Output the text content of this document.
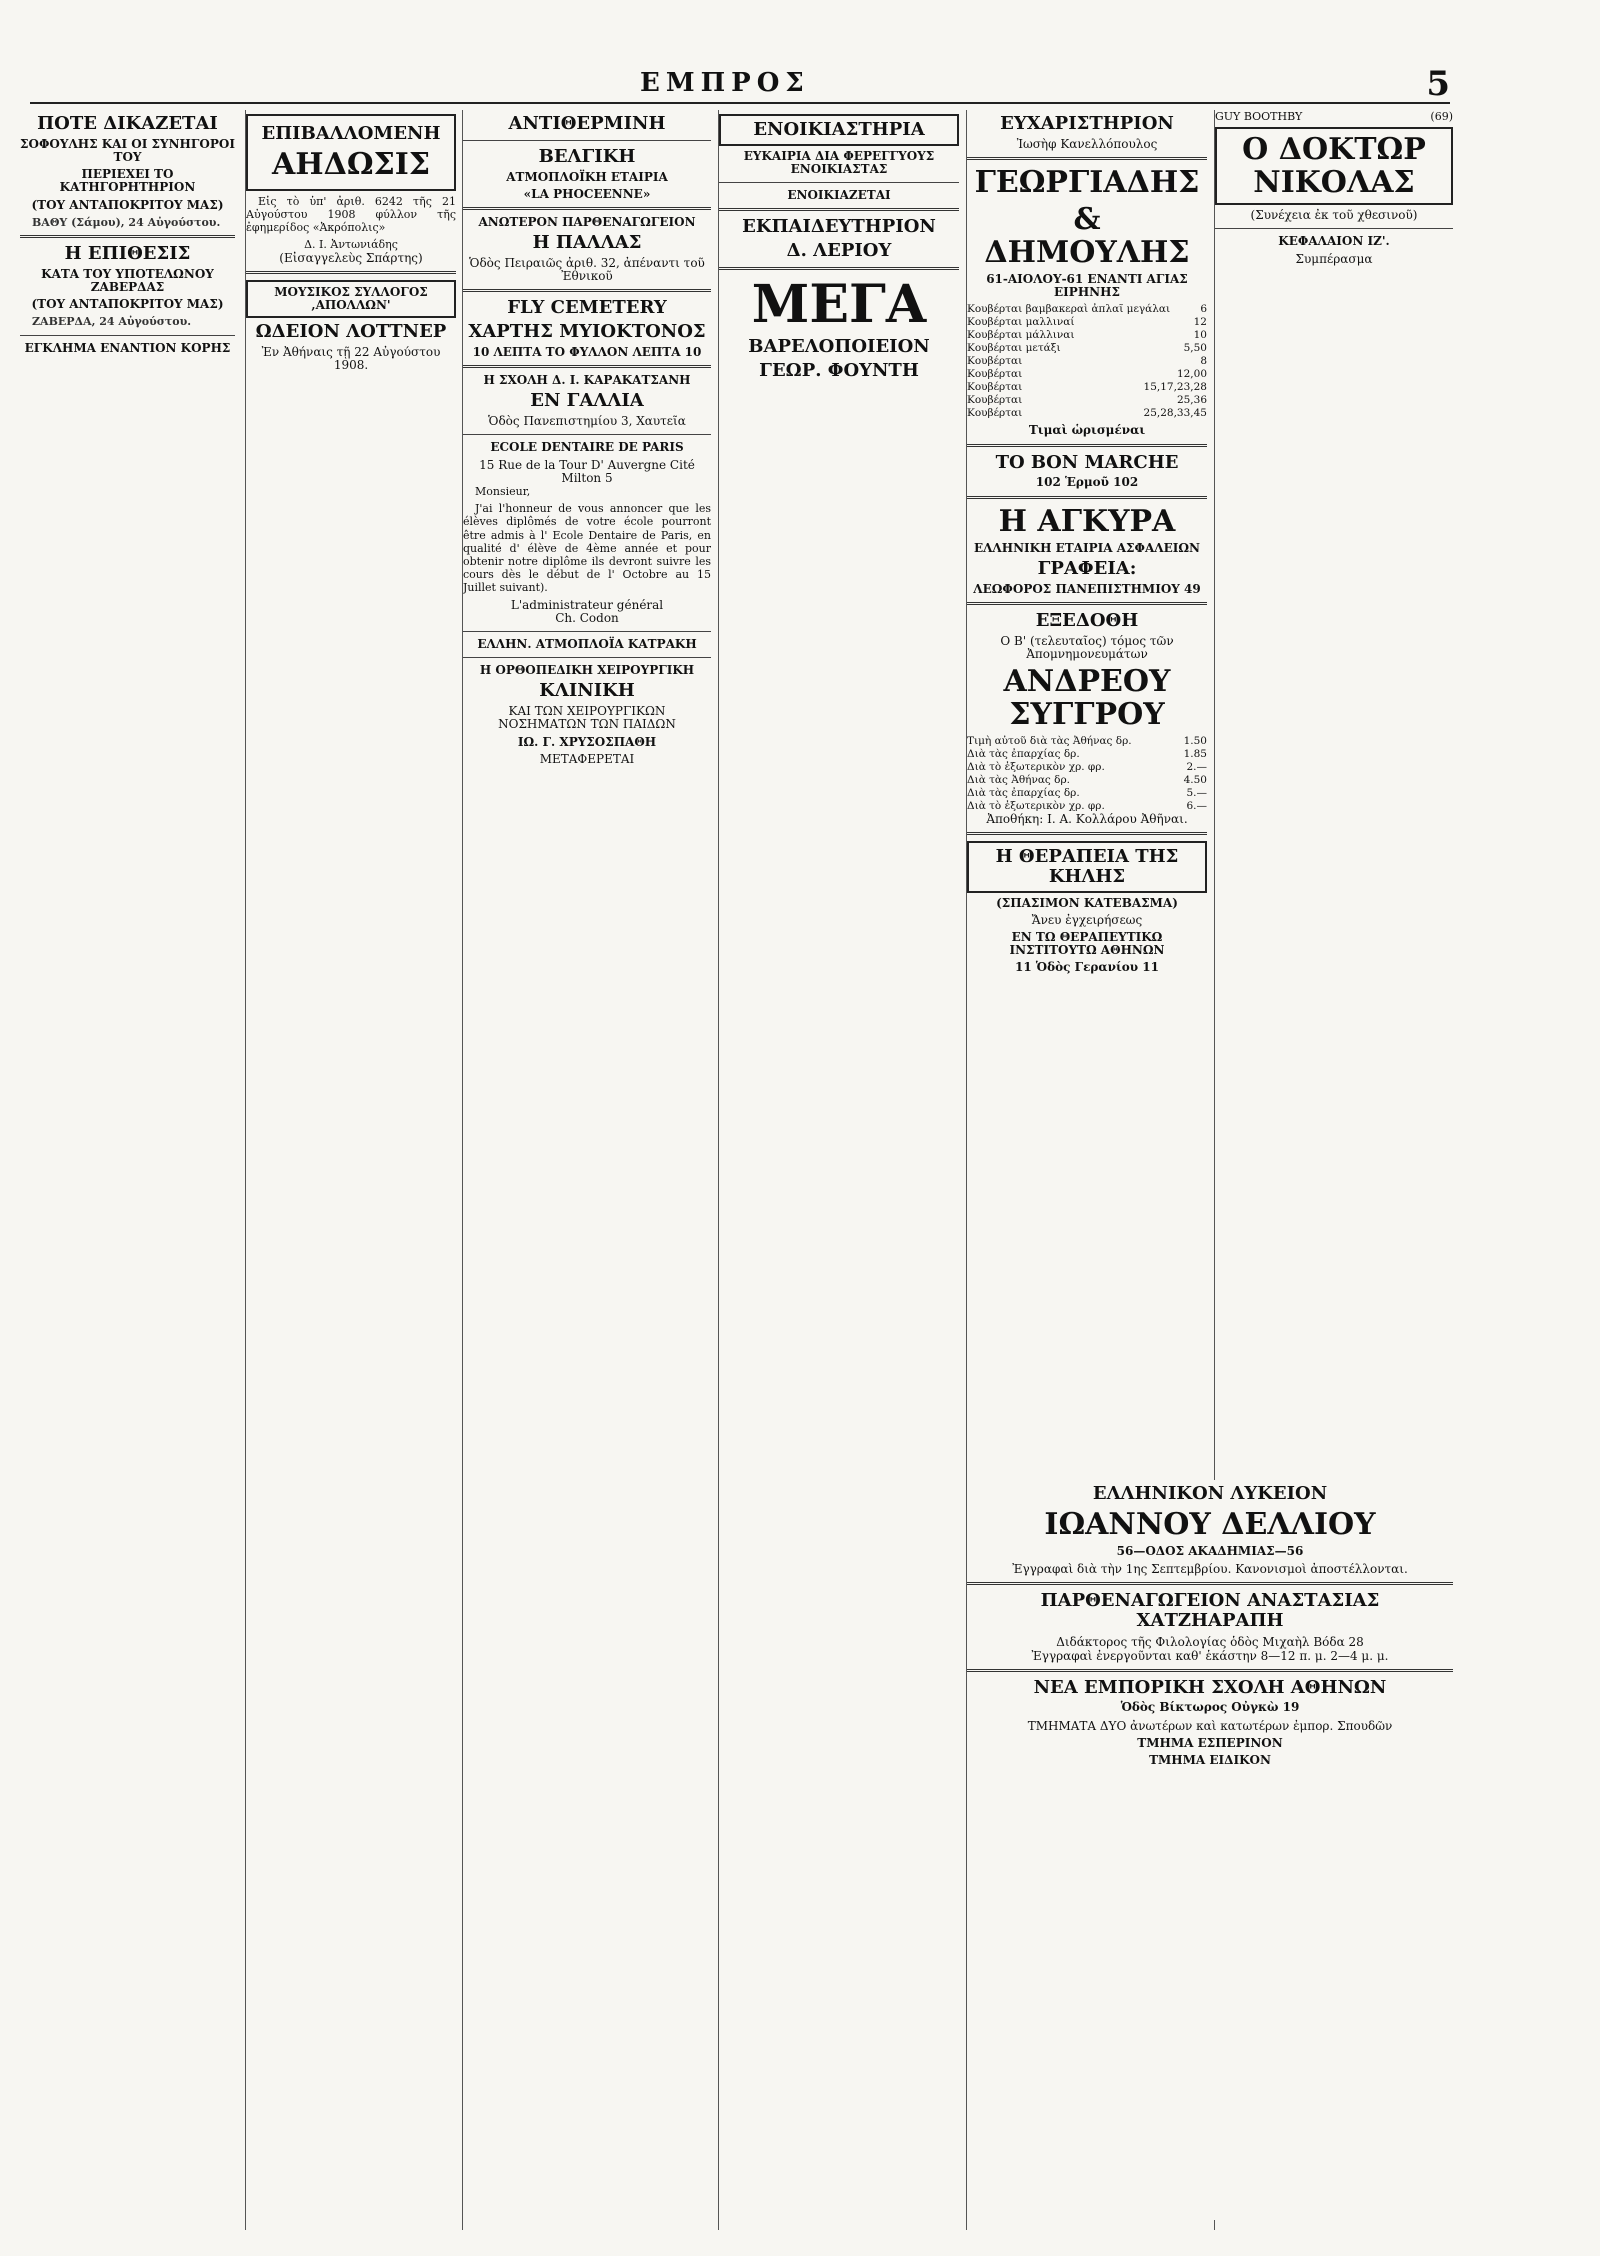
ΕΜΠΡΟΣ	5
ΠΟΤΕ ΔΙΚΑΖΕΤΑΙ
ΣΟΦΟΥΛΗΣ ΚΑΙ ΟΙ ΣΥΝΗΓΟΡΟΙ ΤΟΥ
ΠΕΡΙΕΧΕΙ ΤΟ ΚΑΤΗΓΟΡΗΤΗΡΙΟΝ
(ΤΟΥ ΑΝΤΑΠΟΚΡΙΤΟΥ ΜΑΣ)

ΒΑΘΥ (Σάμου), 24 Αὐγούστου.

Η ΕΠΙΘΕΣΙΣ
ΚΑΤΑ ΤΟΥ ΥΠΟΤΕΛΩΝΟΥ ΖΑΒΕΡΔΑΣ
(ΤΟΥ ΑΝΤΑΠΟΚΡΙΤΟΥ ΜΑΣ)

ΖΑΒΕΡΔΑ, 24 Αὐγούστου.

ΕΓΚΛΗΜΑ ΕΝΑΝΤΙΟΝ ΚΟΡΗΣ
ΕΠΙΒΑΛΛΟΜΕΝΗ
ΑΗΔΩΣΙΣ

Εἰς τὸ ὑπ' ἀριθ. 6242 τῆς 21 Αὐγούστου 1908 φύλλον τῆς ἐφημερίδος «Ἀκρόπολις»

Δ. Ι. Ἀντωνιάδης
(Εἰσαγγελεὺς Σπάρτης)
ΜΟΥΣΙΚΟΣ ΣΥΛΛΟΓΟΣ ,ΑΠΟΛΛΩΝ'
ΩΔΕΙΟΝ ΛΟΤΤΝΕΡ
Ἐν Ἀθήναις τῇ 22 Αὐγούστου 1908.
ΑΝΤΙΘΕΡΜΙΝΗ
ΒΕΛΓΙΚΗ
ΑΤΜΟΠΛΟΪΚΗ ΕΤΑΙΡΙΑ
«LA PHOCEENNE»
ΑΝΩΤΕΡΟΝ ΠΑΡΘΕΝΑΓΩΓΕΙΟΝ
Η ΠΑΛΛΑΣ
Ὁδὸς Πειραιῶς ἀριθ. 32, ἀπέναντι τοῦ Ἐθνικοῦ
FLY CEMETERY
ΧΑΡΤΗΣ ΜΥΙΟΚΤΟΝΟΣ
10 ΛΕΠΤΑ ΤΟ ΦΥΛΛΟΝ ΛΕΠΤΑ 10
Η ΣΧΟΛΗ Δ. Ι. ΚΑΡΑΚΑΤΣΑΝΗ
ΕΝ ΓΑΛΛΙΑ
Ὁδὸς Πανεπιστημίου 3, Χαυτεῖα
ECOLE DENTAIRE DE PARIS
15 Rue de la Tour D' Auvergne Cité Milton 5

Monsieur,

J'ai l'honneur de vous annoncer que les élèves diplômés de votre école pourront être admis à l' Ecole Dentaire de Paris, en qualité d' élève de 4ème année et pour obtenir notre diplôme ils devront suivre les cours dès le début de l' Octobre au 15 Juillet suivant).

L'administrateur général
Ch. Codon
ΕΛΛΗΝ. ΑΤΜΟΠΛΟΪΑ ΚΑΤΡΑΚΗ
Η ΟΡΘΟΠΕΔΙΚΗ ΧΕΙΡΟΥΡΓΙΚΗ
ΚΛΙΝΙΚΗ
ΚΑΙ ΤΩΝ ΧΕΙΡΟΥΡΓΙΚΩΝ ΝΟΣΗΜΑΤΩΝ ΤΩΝ ΠΑΙΔΩΝ
ΙΩ. Γ. ΧΡΥΣΟΣΠΑΘΗ
ΜΕΤΑΦΕΡΕΤΑΙ
ΕΝΟΙΚΙΑΣΤΗΡΙΑ
ΕΥΚΑΙΡΙΑ ΔΙΑ ΦΕΡΕΓΓΥΟΥΣ ΕΝΟΙΚΙΑΣΤΑΣ
ΕΝΟΙΚΙΑΖΕΤΑΙ
ΕΚΠΑΙΔΕΥΤΗΡΙΟΝ
Δ. ΛΕΡΙΟΥ
ΜΕΓΑ
ΒΑΡΕΛΟΠΟΙΕΙΟΝ
ΓΕΩΡ. ΦΟΥΝΤΗ
ΕΥΧΑΡΙΣΤΗΡΙΟΝ
Ἰωσὴφ Κανελλόπουλος
ΓΕΩΡΓΙΑΔΗΣ
& ΔΗΜΟΥΛΗΣ
61-ΑΙΟΛΟΥ-61 ΕΝΑΝΤΙ ΑΓΙΑΣ ΕΙΡΗΝΗΣ
Κουβέρται βαμβακεραὶ ἀπλαῖ μεγάλαι	6
Κουβέρται μαλλιναί	12
Κουβέρται μάλλιναι	10
Κουβέρται μετάξι	5,50
Κουβέρται	8
Κουβέρται	12,00
Κουβέρται	15,17,23,28
Κουβέρται	25,36
Κουβέρται	25,28,33,45
Τιμαὶ ὡρισμέναι
ΤΟ ΒΟΝ MARCHE
102 Ἑρμοῦ 102
Η ΑΓΚΥΡΑ
ΕΛΛΗΝΙΚΗ ΕΤΑΙΡΙΑ ΑΣΦΑΛΕΙΩΝ
ΓΡΑΦΕΙΑ:
ΛΕΩΦΟΡΟΣ ΠΑΝΕΠΙΣΤΗΜΙΟΥ 49
ΕΞΕΔΟΘΗ
Ο Β' (τελευταῖος) τόμος τῶν Ἀπομνημονευμάτων
ΑΝΔΡΕΟΥ ΣΥΓΓΡΟΥ
Τιμὴ αὐτοῦ διὰ τὰς Ἀθήνας δρ.	1.50
Διὰ τὰς ἐπαρχίας δρ.	1.85
Διὰ τὸ ἐξωτερικὸν χρ. φρ.	2.—
Διὰ τὰς Ἀθήνας δρ.	4.50
Διὰ τὰς ἐπαρχίας δρ.	5.—
Διὰ τὸ ἐξωτερικὸν χρ. φρ.	6.—
Ἀποθήκη: Ι. Α. Κολλάρου Ἀθῆναι.
Η ΘΕΡΑΠΕΙΑ ΤΗΣ ΚΗΛΗΣ
(ΣΠΑΣΙΜΟΝ ΚΑΤΕΒΑΣΜΑ)
Ἄνευ ἐγχειρήσεως
ΕΝ ΤΩ ΘΕΡΑΠΕΥΤΙΚΩ ΙΝΣΤΙΤΟΥΤΩ ΑΘΗΝΩΝ
11 Ὁδὸς Γερανίου 11
GUY BOOTHBY	(69)
Ο ΔΟΚΤΩΡ ΝΙΚΟΛΑΣ
(Συνέχεια ἐκ τοῦ χθεσινοῦ)
ΚΕΦΑΛΑΙΟΝ ΙΖ'.
Συμπέρασμα
ΕΛΛΗΝΙΚΟΝ ΛΥΚΕΙΟΝ
ΙΩΑΝΝΟΥ ΔΕΛΛΙΟΥ
56—ΟΔΟΣ ΑΚΑΔΗΜΙΑΣ—56
Ἐγγραφαὶ διὰ τὴν 1ης Σεπτεμβρίου. Κανονισμοὶ ἀποστέλλονται.
ΠΑΡΘΕΝΑΓΩΓΕΙΟΝ ΑΝΑΣΤΑΣΙΑΣ ΧΑΤΖΗΑΡΑΠΗ
Διδάκτορος τῆς Φιλολογίας ὁδὸς Μιχαὴλ Βόδα 28
Ἐγγραφαὶ ἐνεργοῦνται καθ' ἑκάστην 8—12 π. μ. 2—4 μ. μ.
ΝΕΑ ΕΜΠΟΡΙΚΗ ΣΧΟΛΗ ΑΘΗΝΩΝ
Ὁδὸς Βίκτωρος Οὐγκὼ 19
ΤΜΗΜΑΤΑ ΔΥΟ ἀνωτέρων καὶ κατωτέρων ἐμπορ. Σπουδῶν
ΤΜΗΜΑ ΕΣΠΕΡΙΝΟΝ
ΤΜΗΜΑ ΕΙΔΙΚΟΝ
